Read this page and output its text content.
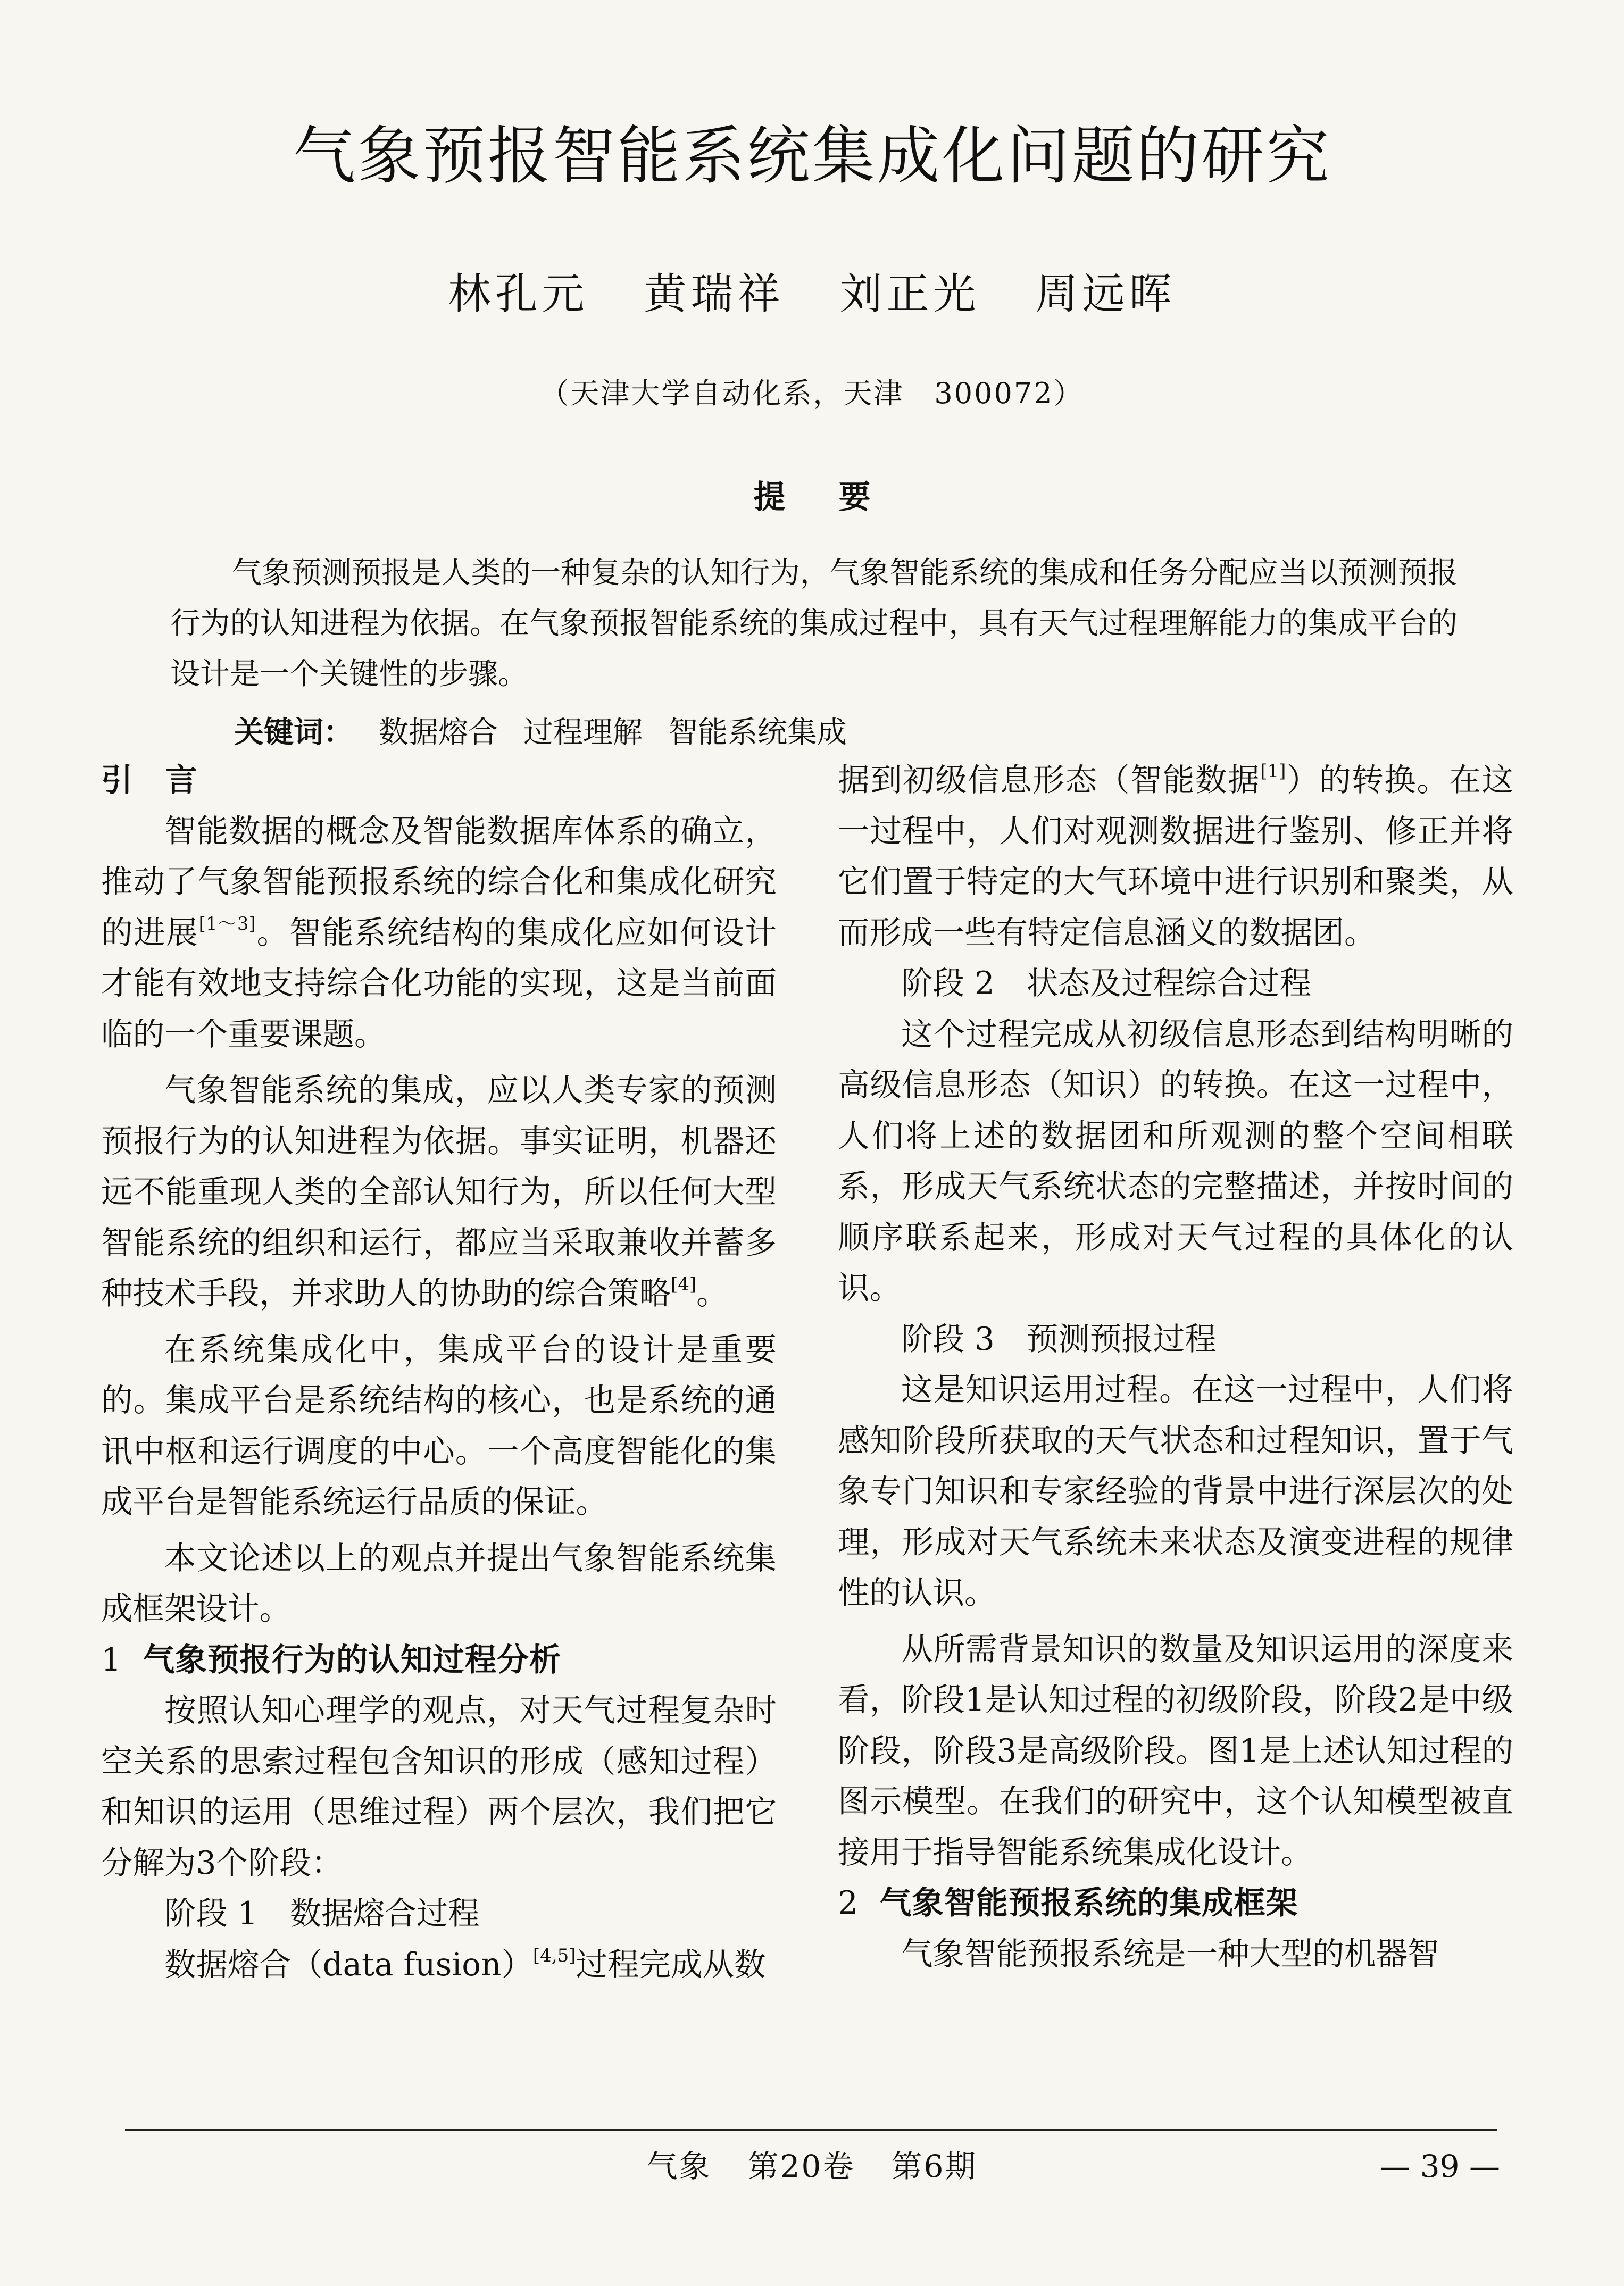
气象预报智能系统集成化问题的研究
林孔元 黄瑞祥 刘正光 周远晖
（天津大学自动化系，天津　300072）
提要

气象预测预报是人类的一种复杂的认知行为，气象智能系统的集成和任务分配应当以预测预报行为的认知进程为依据。在气象预报智能系统的集成过程中，具有天气过程理解能力的集成平台的设计是一个关键性的步骤。

关键词： 数据熔合 过程理解 智能系统集成

引　言

智能数据的概念及智能数据库体系的确立，推动了气象智能预报系统的综合化和集成化研究的进展[1～3]。智能系统结构的集成化应如何设计才能有效地支持综合化功能的实现，这是当前面临的一个重要课题。

气象智能系统的集成，应以人类专家的预测预报行为的认知进程为依据。事实证明，机器还远不能重现人类的全部认知行为，所以任何大型智能系统的组织和运行，都应当采取兼收并蓄多种技术手段，并求助人的协助的综合策略[4]。

在系统集成化中，集成平台的设计是重要的。集成平台是系统结构的核心，也是系统的通讯中枢和运行调度的中心。一个高度智能化的集成平台是智能系统运行品质的保证。

本文论述以上的观点并提出气象智能系统集成框架设计。

1 气象预报行为的认知过程分析

按照认知心理学的观点，对天气过程复杂时空关系的思索过程包含知识的形成（感知过程）和知识的运用（思维过程）两个层次，我们把它分解为3个阶段：

阶段 1 数据熔合过程

数据熔合（data fusion）[4,5]过程完成从数

据到初级信息形态（智能数据[1]）的转换。在这一过程中，人们对观测数据进行鉴别、修正并将它们置于特定的大气环境中进行识别和聚类，从而形成一些有特定信息涵义的数据团。

阶段 2 状态及过程综合过程

这个过程完成从初级信息形态到结构明晰的高级信息形态（知识）的转换。在这一过程中，人们将上述的数据团和所观测的整个空间相联系，形成天气系统状态的完整描述，并按时间的顺序联系起来，形成对天气过程的具体化的认识。

阶段 3 预测预报过程

这是知识运用过程。在这一过程中，人们将感知阶段所获取的天气状态和过程知识，置于气象专门知识和专家经验的背景中进行深层次的处理，形成对天气系统未来状态及演变进程的规律性的认识。

从所需背景知识的数量及知识运用的深度来看，阶段1是认知过程的初级阶段，阶段2是中级阶段，阶段3是高级阶段。图1是上述认知过程的图示模型。在我们的研究中，这个认知模型被直接用于指导智能系统集成化设计。

2 气象智能预报系统的集成框架

气象智能预报系统是一种大型的机器智

气象 第20卷 第6期	— 39 —
